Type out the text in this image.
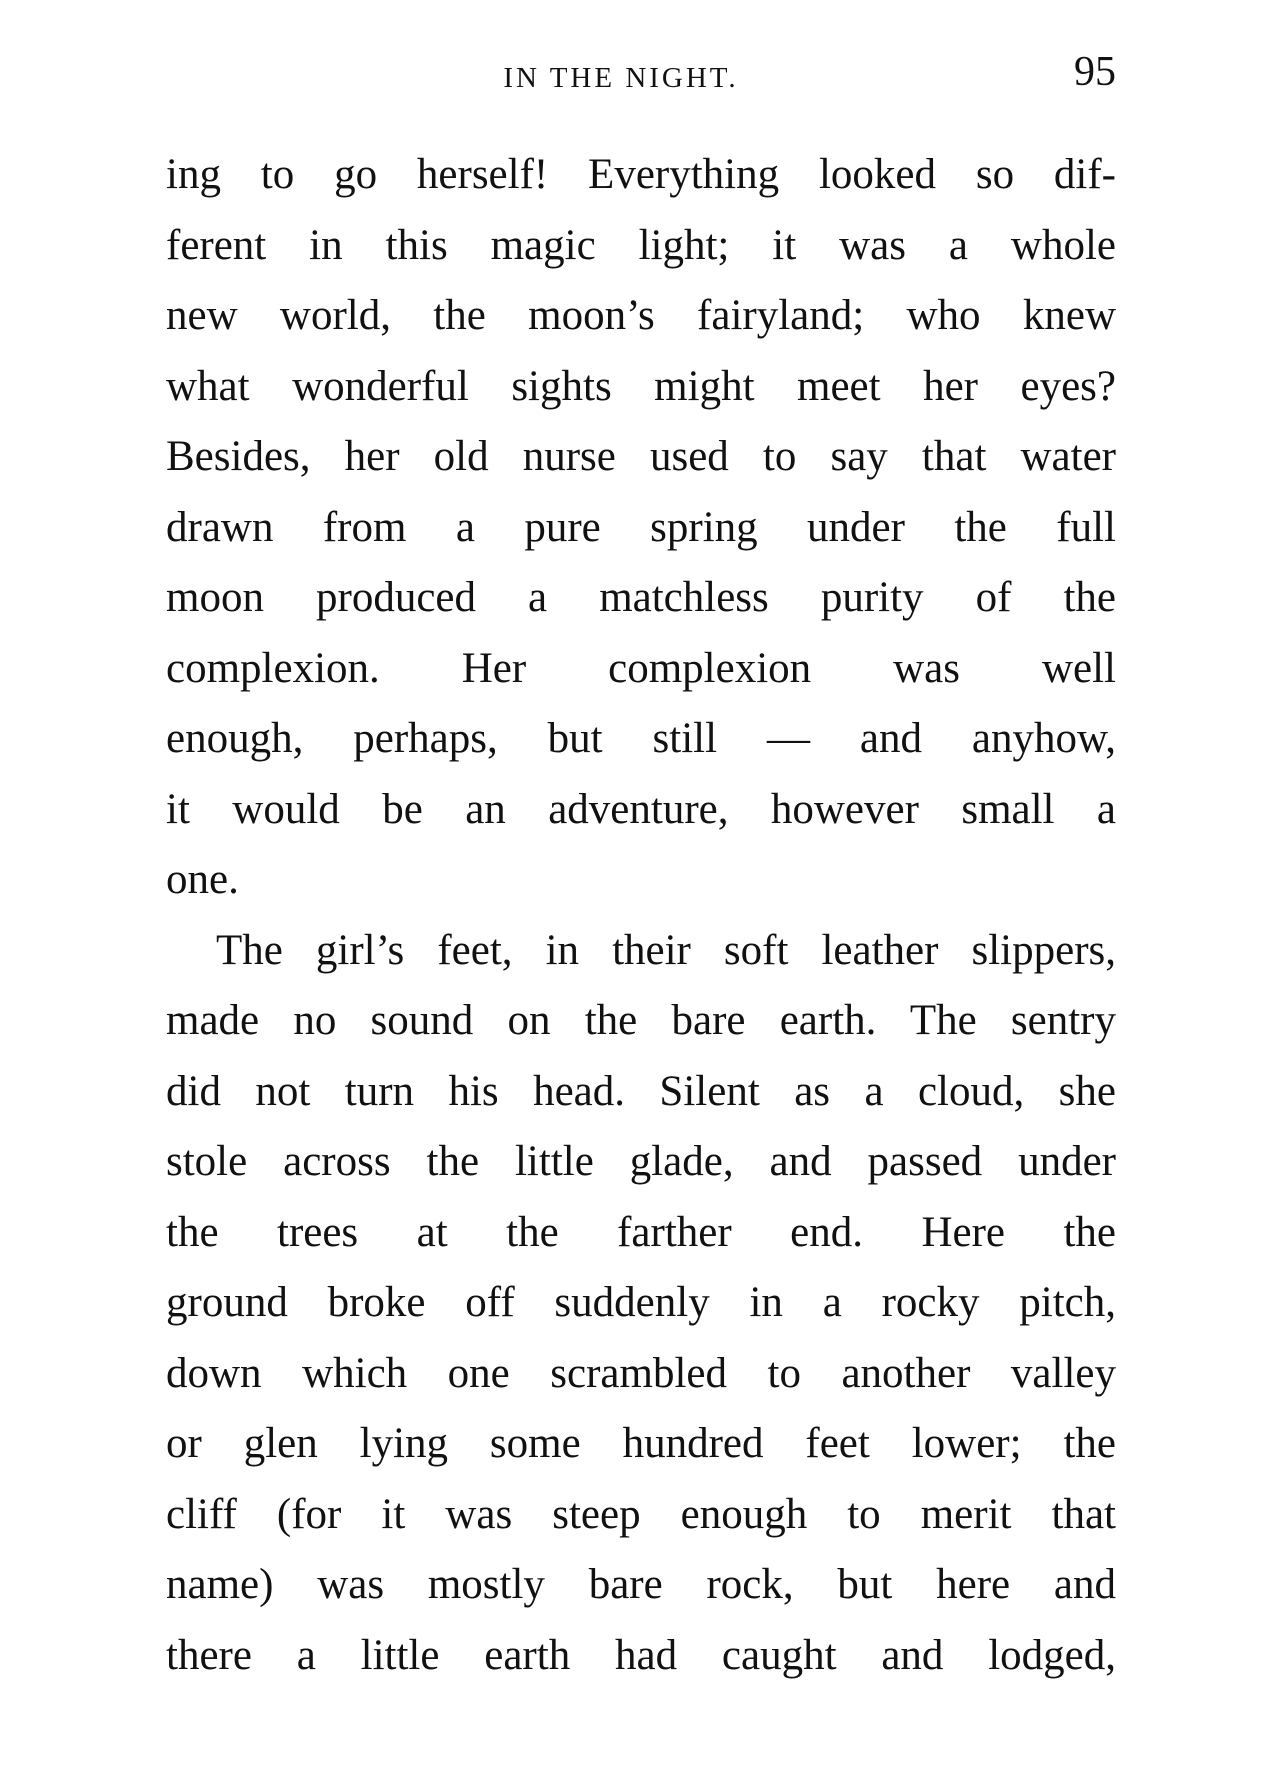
IN THE NIGHT.	95
ing to go herself! Everything looked so dif-
ferent in this magic light; it was a whole
new world, the moon’s fairyland; who knew
what wonderful sights might meet her eyes?
Besides, her old nurse used to say that water
drawn from a pure spring under the full
moon produced a matchless purity of the
complexion. Her complexion was well
enough, perhaps, but still — and anyhow,
it would be an adventure, however small a
one.
The girl’s feet, in their soft leather slippers,
made no sound on the bare earth. The sentry
did not turn his head. Silent as a cloud, she
stole across the little glade, and passed under
the trees at the farther end. Here the
ground broke off suddenly in a rocky pitch,
down which one scrambled to another valley
or glen lying some hundred feet lower; the
cliff (for it was steep enough to merit that
name) was mostly bare rock, but here and
there a little earth had caught and lodged,
